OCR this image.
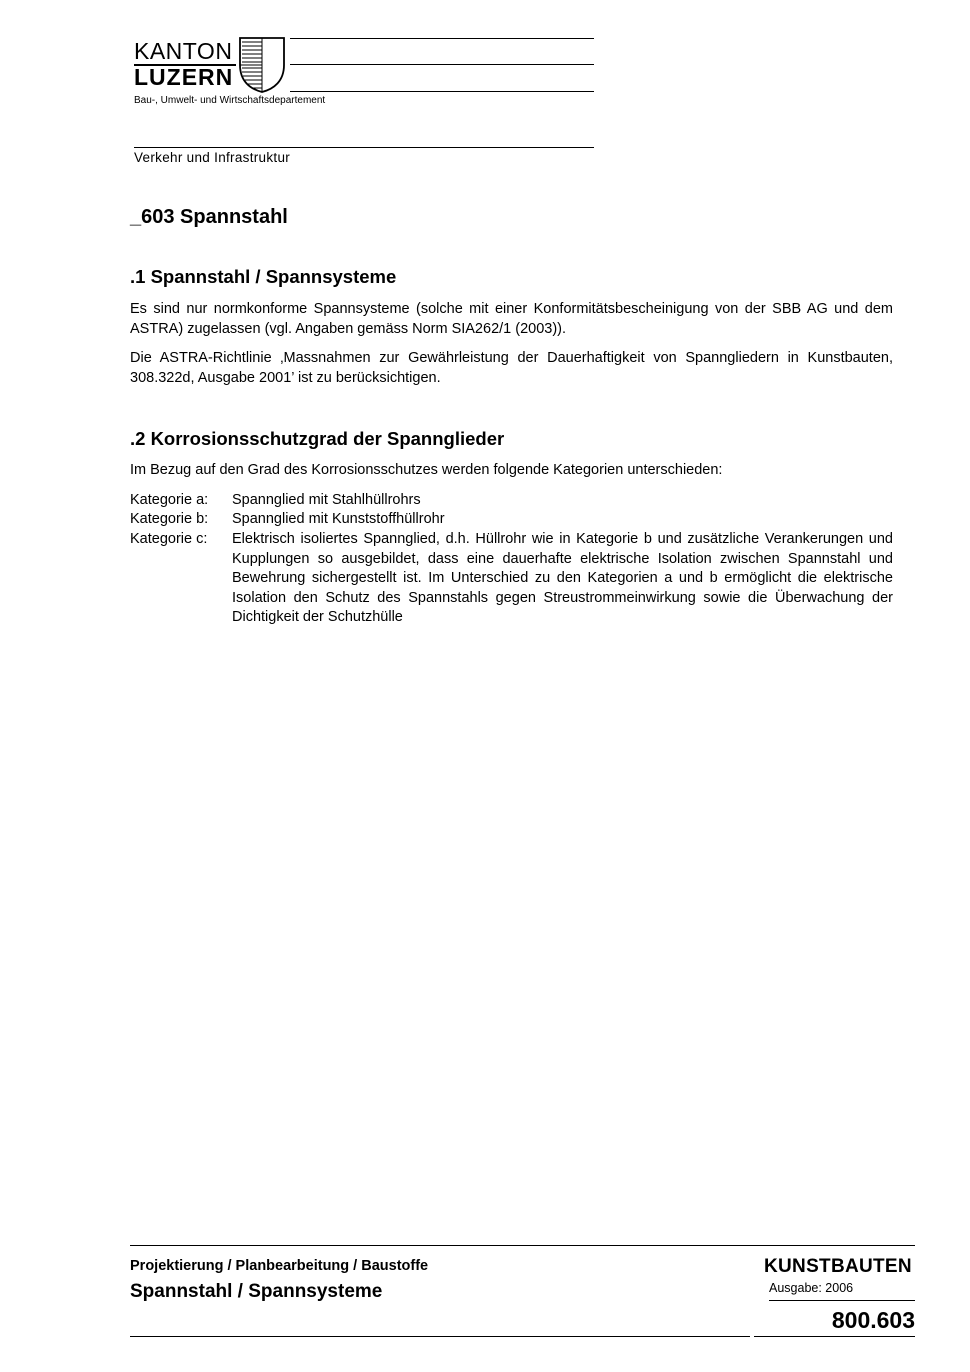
KANTON
LUZERN
Bau-, Umwelt- und Wirtschaftsdepartement
Verkehr und Infrastruktur
_603 Spannstahl
.1 Spannstahl / Spannsysteme
Es sind nur normkonforme Spannsysteme (solche mit einer Konformitätsbescheinigung von der SBB AG und dem ASTRA) zugelassen (vgl. Angaben gemäss Norm SIA262/1 (2003)).
Die ASTRA-Richtlinie ‚Massnahmen zur Gewährleistung der Dauerhaftigkeit von Spanngliedern in Kunstbauten, 308.322d, Ausgabe 2001’ ist zu berücksichtigen.
.2 Korrosionsschutzgrad der Spannglieder
Im Bezug auf den Grad des Korrosionsschutzes werden folgende Kategorien unterschieden:
Kategorie a:	Spannglied mit Stahlhüllrohrs
Kategorie b:	Spannglied mit Kunststoffhüllrohr
Kategorie c:	Elektrisch isoliertes Spannglied, d.h. Hüllrohr wie in Kategorie b und zusätzliche Verankerungen und Kupplungen so ausgebildet, dass eine dauerhafte elektrische Isolation zwischen Spannstahl und Bewehrung sichergestellt ist. Im Unterschied zu den Kategorien a und b ermöglicht die elektrische Isolation den Schutz des Spannstahls gegen Streustrommeinwirkung sowie die Überwachung der Dichtigkeit der Schutzhülle
Projektierung / Planbearbeitung / Baustoffe
Spannstahl / Spannsysteme
KUNSTBAUTEN
Ausgabe: 2006
800.603
